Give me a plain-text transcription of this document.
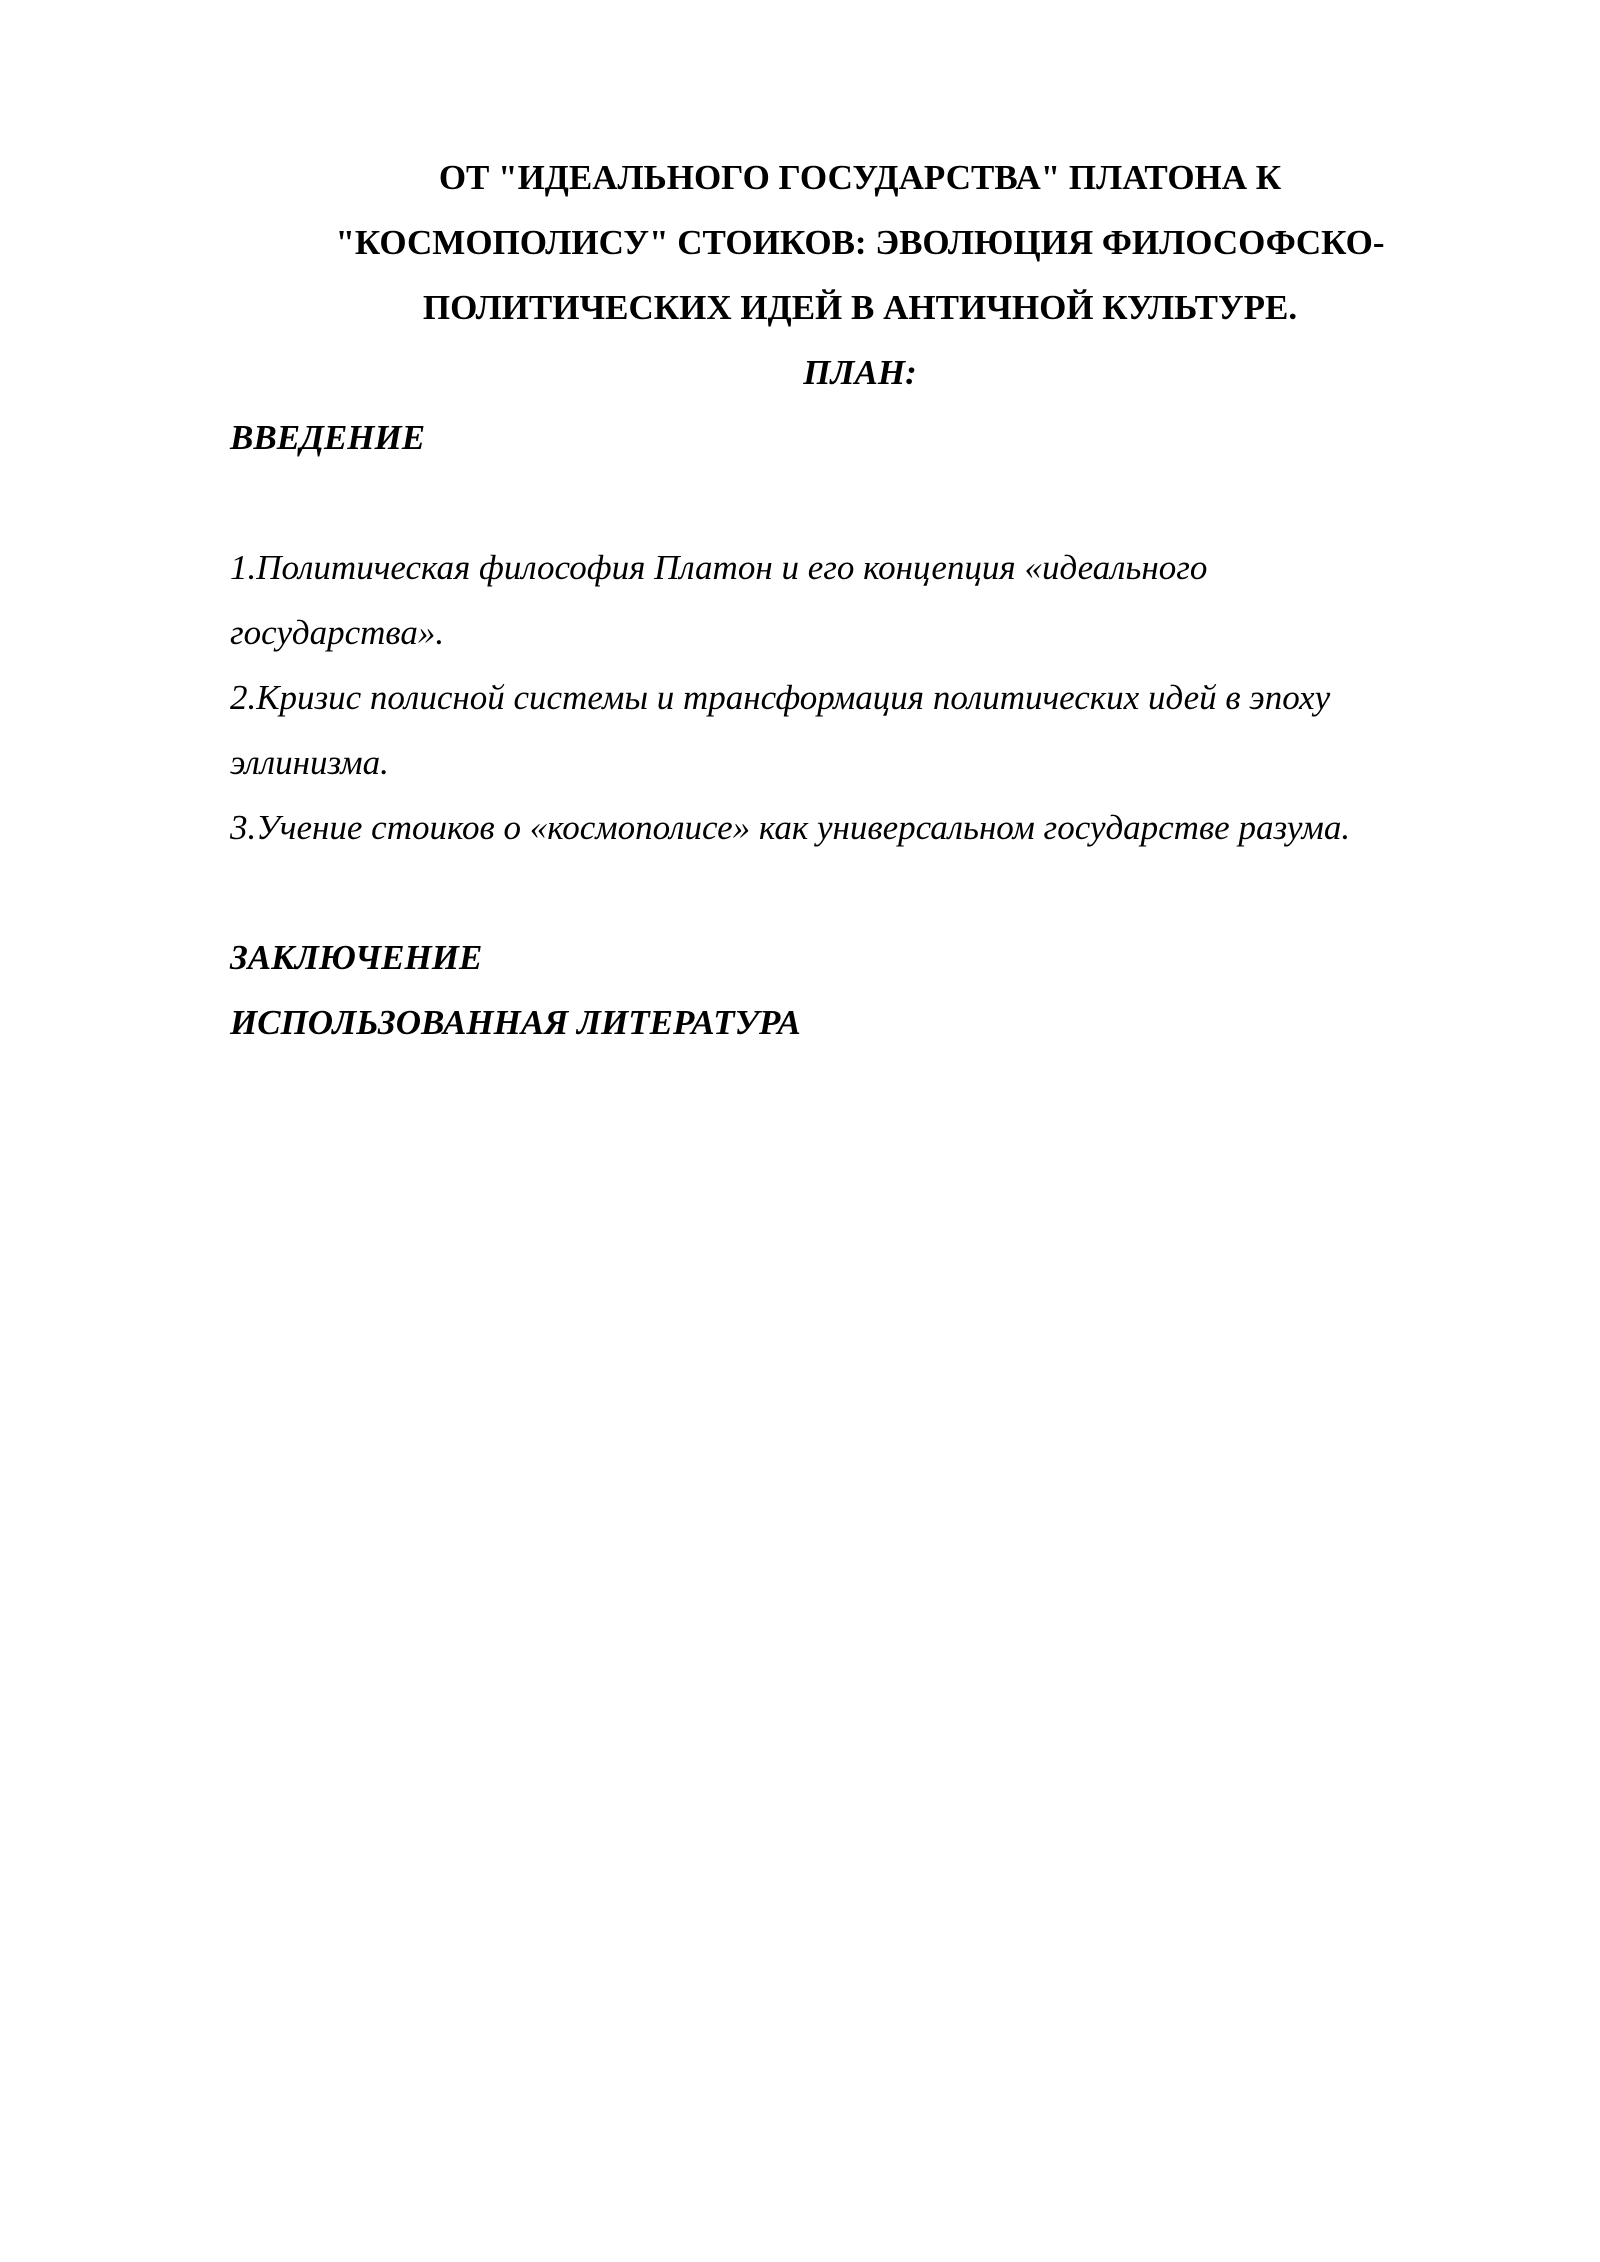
ОТ "ИДЕАЛЬНОГО ГОСУДАРСТВА" ПЛАТОНА К
"КОСМОПОЛИСУ" СТОИКОВ: ЭВОЛЮЦИЯ ФИЛОСОФСКО-
ПОЛИТИЧЕСКИХ ИДЕЙ В АНТИЧНОЙ КУЛЬТУРЕ.

ПЛАН:

ВВЕДЕНИЕ

1.Политическая философия Платон и его концепция «идеального
государства».
2.Кризис полисной системы и трансформация политических идей в эпоху
эллинизма.
3.Учение стоиков о «космополисе» как универсальном государстве разума.
ЗАКЛЮЧЕНИЕ
ИСПОЛЬЗОВАННАЯ ЛИТЕРАТУРА
